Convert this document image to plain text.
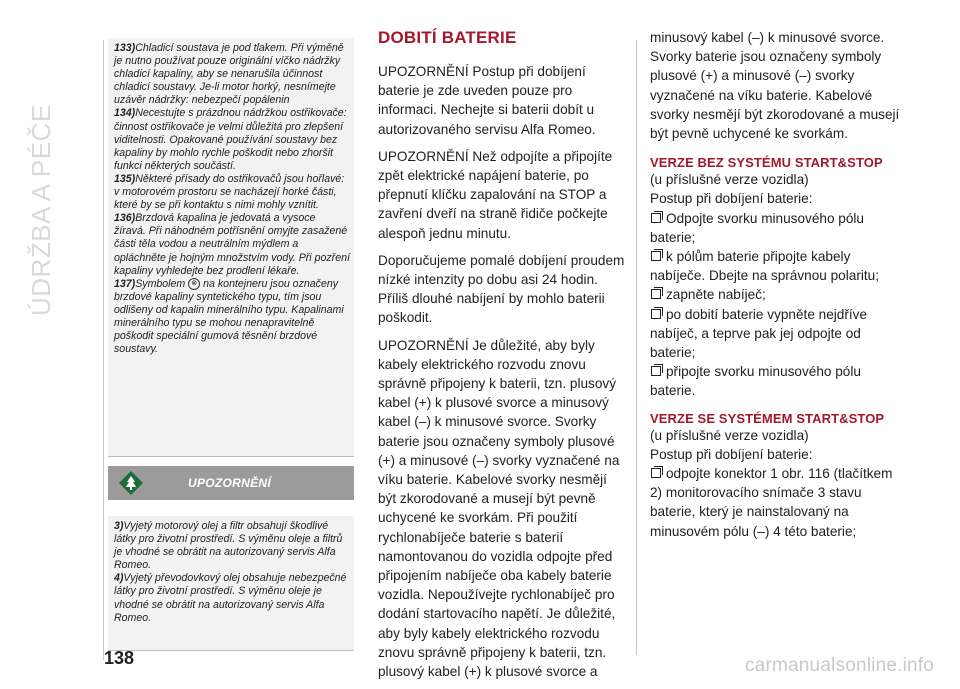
ÚDRŽBA A PÉČE

133)Chladicí soustava je pod tlakem. Při výměně je nutno používat pouze originální víčko nádržky chladicí kapaliny, aby se nenarušila účinnost chladicí soustavy. Je-li motor horký, nesnímejte uzávěr nádržky: nebezpečí popálenin

134)Necestujte s prázdnou nádržkou ostřikovače: činnost ostřikovače je velmi důležitá pro zlepšení viditelnosti. Opakované používání soustavy bez kapaliny by mohlo rychle poškodit nebo zhoršit funkci některých součástí.

135)Některé přísady do ostřikovačů jsou hořlavé: v motorovém prostoru se nacházejí horké části, které by se při kontaktu s nimi mohly vznítit.

136)Brzdová kapalina je jedovatá a vysoce žíravá. Při náhodném potřísnění omyjte zasažené části těla vodou a neutrálním mýdlem a opláchněte je hojným množstvím vody. Při pozření kapaliny vyhledejte bez prodlení lékaře.

137)Symbolem ⊗ na kontejneru jsou označeny brzdové kapaliny syntetického typu, tím jsou odlišeny od kapalin minerálního typu. Kapalinami minerálního typu se mohou nenapravitelně poškodit speciální gumová těsnění brzdové soustavy.

UPOZORNĚNÍ

3)Vyjetý motorový olej a filtr obsahují škodlivé látky pro životní prostředí. S výměnu oleje a filtrů je vhodné se obrátit na autorizovaný servis Alfa Romeo.

4)Vyjetý převodovkový olej obsahuje nebezpečné látky pro životní prostředí. S výměnu oleje je vhodné se obrátit na autorizovaný servis Alfa Romeo.

138

DOBITÍ BATERIE

UPOZORNĚNÍ Postup při dobíjení baterie je zde uveden pouze pro informaci. Nechejte si baterii dobít u autorizovaného servisu Alfa Romeo.

UPOZORNĚNÍ Než odpojíte a připojíte zpět elektrické napájení baterie, po přepnutí klíčku zapalování na STOP a zavření dveří na straně řidiče počkejte alespoň jednu minutu.

Doporučujeme pomalé dobíjení proudem nízké intenzity po dobu asi 24 hodin. Příliš dlouhé nabíjení by mohlo baterii poškodit.

UPOZORNĚNÍ Je důležité, aby byly kabely elektrického rozvodu znovu správně připojeny k baterii, tzn. plusový kabel (+) k plusové svorce a minusový kabel (–) k minusové svorce. Svorky baterie jsou označeny symboly plusové (+) a minusové (–) svorky vyznačené na víku baterie. Kabelové svorky nesmějí být zkorodované a musejí být pevně uchycené ke svorkám. Při použití rychlonabíječe baterie s baterií namontovanou do vozidla odpojte před připojením nabíječe oba kabely baterie vozidla. Nepoužívejte rychlonabíječ pro dodání startovacího napětí. Je důležité, aby byly kabely elektrického rozvodu znovu správně připojeny k baterii, tzn. plusový kabel (+) k plusové svorce a

minusový kabel (–) k minusové svorce. Svorky baterie jsou označeny symboly plusové (+) a minusové (–) svorky vyznačené na víku baterie. Kabelové svorky nesmějí být zkorodované a musejí být pevně uchycené ke svorkám.

VERZE BEZ SYSTÉMU START&STOP

(u příslušné verze vozidla)

Postup při dobíjení baterie:

Odpojte svorku minusového pólu baterie;

k pólům baterie připojte kabely nabíječe. Dbejte na správnou polaritu;

zapněte nabíječ;

po dobití baterie vypněte nejdříve nabíječ, a teprve pak jej odpojte od baterie;

připojte svorku minusového pólu baterie.

VERZE SE SYSTÉMEM START&STOP

(u příslušné verze vozidla)

Postup při dobíjení baterie:

odpojte konektor 1 obr. 116 (tlačítkem 2) monitorovacího snímače 3 stavu baterie, který je nainstalovaný na minusovém pólu (–) 4 této baterie;

carmanualsonline.info
